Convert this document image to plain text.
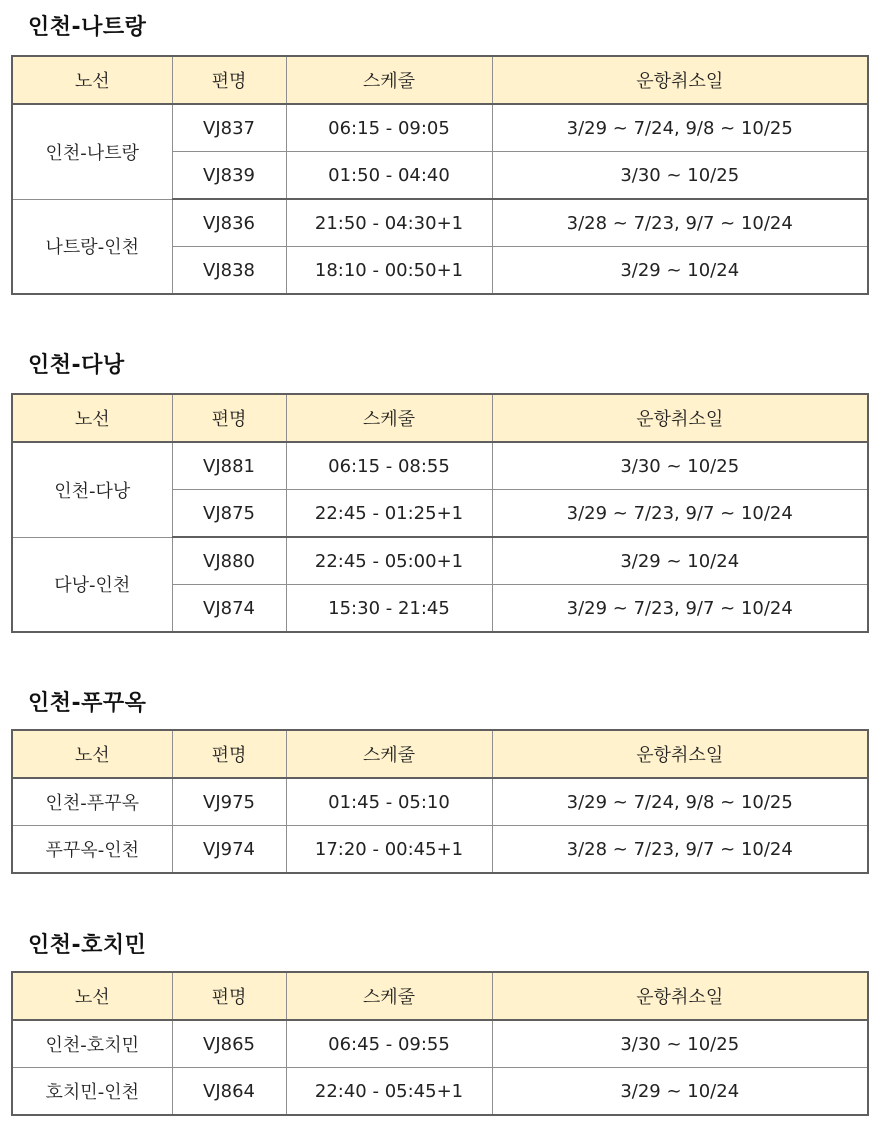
인천-나트랑
노선	편명	스케줄	운항취소일
인천-나트랑	VJ837	06:15 - 09:05	3/29 ~ 7/24, 9/8 ~ 10/25
	VJ839	01:50 - 04:40	3/30 ~ 10/25
나트랑-인천	VJ836	21:50 - 04:30+1	3/28 ~ 7/23, 9/7 ~ 10/24
	VJ838	18:10 - 00:50+1	3/29 ~ 10/24
인천-다낭
노선	편명	스케줄	운항취소일
인천-다낭	VJ881	06:15 - 08:55	3/30 ~ 10/25
	VJ875	22:45 - 01:25+1	3/29 ~ 7/23, 9/7 ~ 10/24
다낭-인천	VJ880	22:45 - 05:00+1	3/29 ~ 10/24
	VJ874	15:30 - 21:45	3/29 ~ 7/23, 9/7 ~ 10/24
인천-푸꾸옥
노선	편명	스케줄	운항취소일
인천-푸꾸옥	VJ975	01:45 - 05:10	3/29 ~ 7/24, 9/8 ~ 10/25
푸꾸옥-인천	VJ974	17:20 - 00:45+1	3/28 ~ 7/23, 9/7 ~ 10/24
인천-호치민
노선	편명	스케줄	운항취소일
인천-호치민	VJ865	06:45 - 09:55	3/30 ~ 10/25
호치민-인천	VJ864	22:40 - 05:45+1	3/29 ~ 10/24
